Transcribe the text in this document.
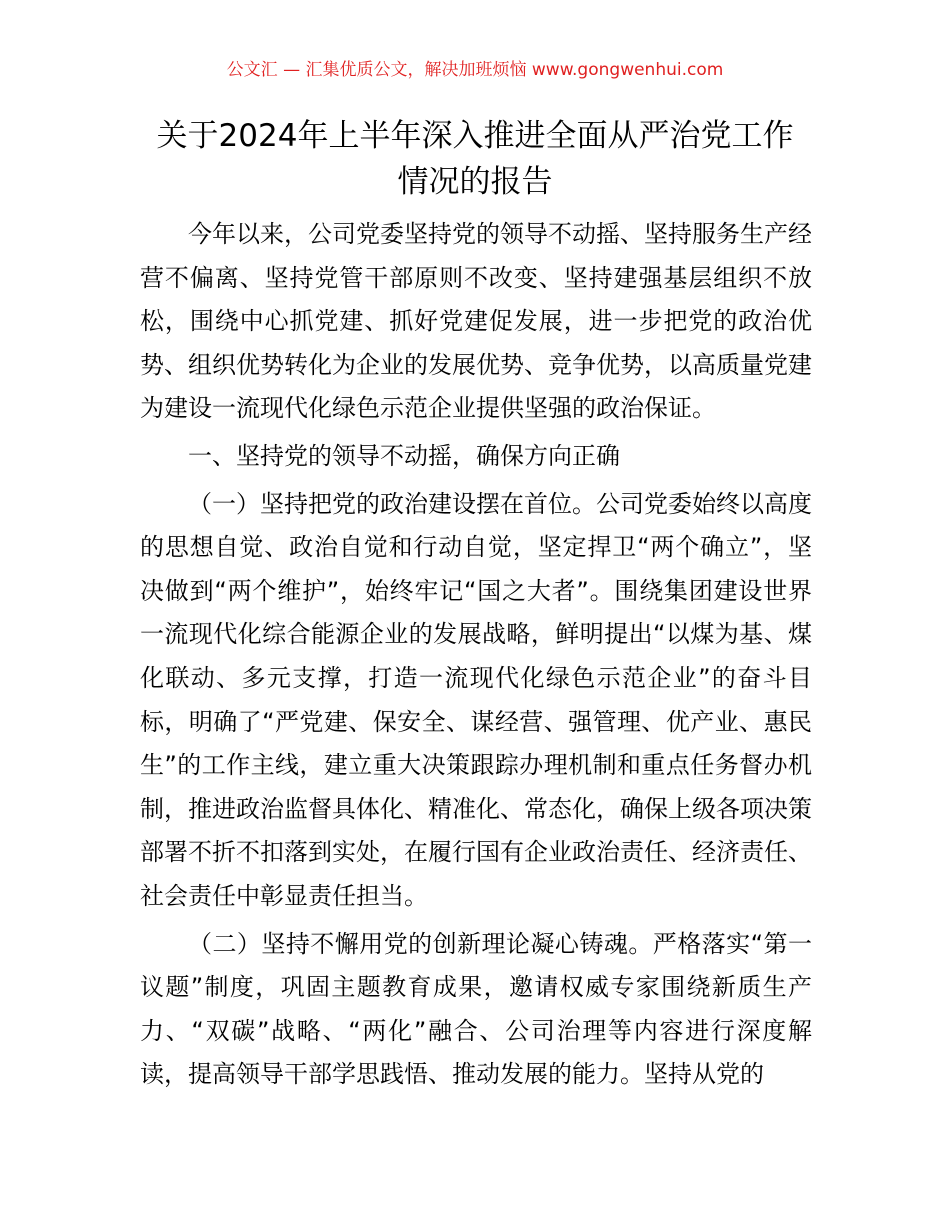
公文汇 — 汇集优质公文，解决加班烦恼 www.gongwenhui.com
关于2024年上半年深入推进全面从严治党工作
情况的报告

今年以来，公司党委坚持党的领导不动摇、坚持服务生产经营不偏离、坚持党管干部原则不改变、坚持建强基层组织不放松，围绕中心抓党建、抓好党建促发展，进一步把党的政治优势、组织优势转化为企业的发展优势、竞争优势，以高质量党建为建设一流现代化绿色示范企业提供坚强的政治保证。

一、坚持党的领导不动摇，确保方向正确

（一）坚持把党的政治建设摆在首位。公司党委始终以高度的思想自觉、政治自觉和行动自觉，坚定捍卫“两个确立”，坚决做到“两个维护”，始终牢记“国之大者”。围绕集团建设世界一流现代化综合能源企业的发展战略，鲜明提出“以煤为基、煤化联动、多元支撑，打造一流现代化绿色示范企业”的奋斗目标，明确了“严党建、保安全、谋经营、强管理、优产业、惠民生”的工作主线，建立重大决策跟踪办理机制和重点任务督办机制，推进政治监督具体化、精准化、常态化，确保上级各项决策部署不折不扣落到实处，在履行国有企业政治责任、经济责任、社会责任中彰显责任担当。

（二）坚持不懈用党的创新理论凝心铸魂。严格落实“第一议题”制度，巩固主题教育成果，邀请权威专家围绕新质生产力、“双碳”战略、“两化”融合、公司治理等内容进行深度解读，提高领导干部学思践悟、推动发展的能力。坚持从党的
